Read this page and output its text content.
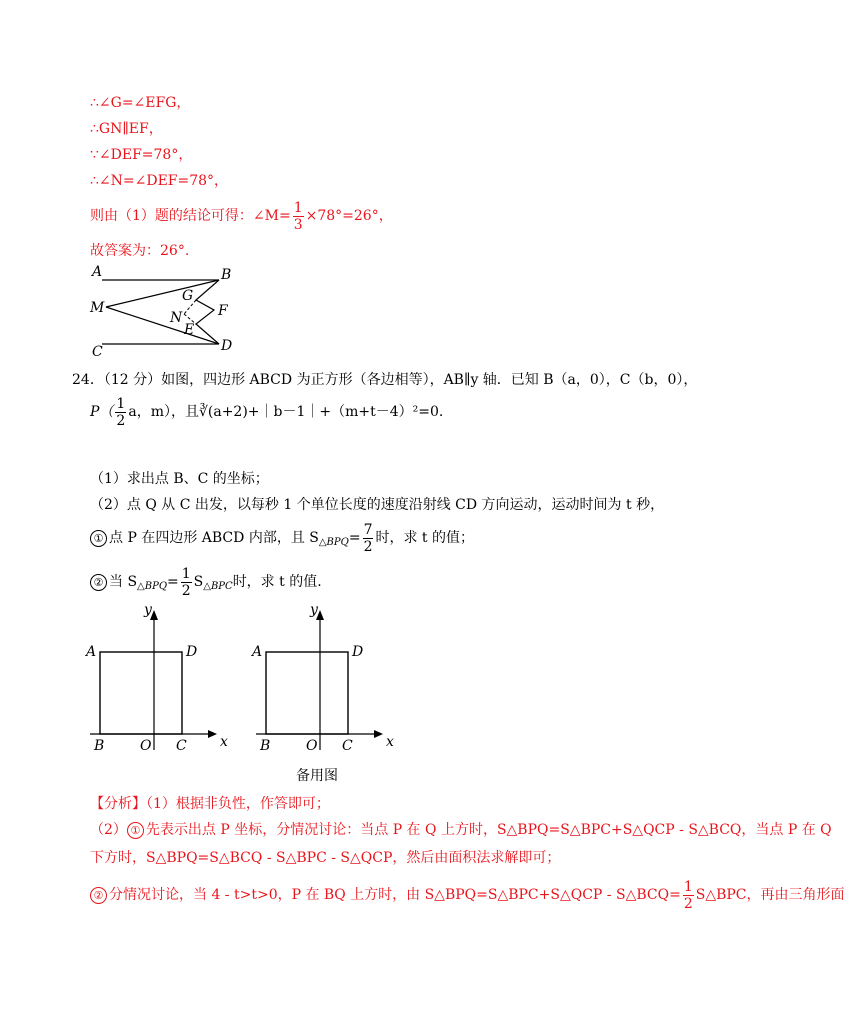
∴∠G=∠EFG，
∴GN∥EF，
∵∠DEF=78°，
∴∠N=∠DEF=78°，
则由（1）题的结论可得：∠M= $\frac{1}{3} \times 78^\circ=26^\circ$，
故答案为：26°.
A	B
M
G
F
N
E
C	D
24．（12 分）如图，四边形 ABCD 为正方形（各边相等），AB∥y 轴．已知 B（a，0），C（b，0），
$P( \frac{1}{2}$ a，m），且∛(a+2)+｜b－1｜+（m+t－4）²=0.
（1）求出点 B、C 的坐标；
（2）点 Q 从 C 出发，以每秒 1 个单位长度的速度沿射线 CD 方向运动，运动时间为 t 秒，
① 点 P 在四边形 ABCD 内部，且 $S_{\triangle BPQ}= \frac{7}{2}$ 时，求 t 的值；
② 当 $S_{\triangle BPQ}= \frac{1}{2} S_{\triangle BPC}$时，求 t 的值.
y
A	D
B	O C x
y
A	D
B	O C x
备用图
【分析】（1）根据非负性，作答即可；
（2） ① 先表示出点 P 坐标，分情况讨论：当点 P 在 Q 上方时，S△BPQ=S△BPC+S△QCP - S△BCQ，当点 P 在 Q
下方时，S△BPQ=S△BCQ - S△BPC - S△QCP，然后由面积法求解即可；
② 分情况讨论，当 4 - t>t>0，P 在 BQ 上方时，由 S△BPQ=S△BPC+S△QCP - S△BCQ= $\frac{1}{2}$ S△BPC，再由三角形面
